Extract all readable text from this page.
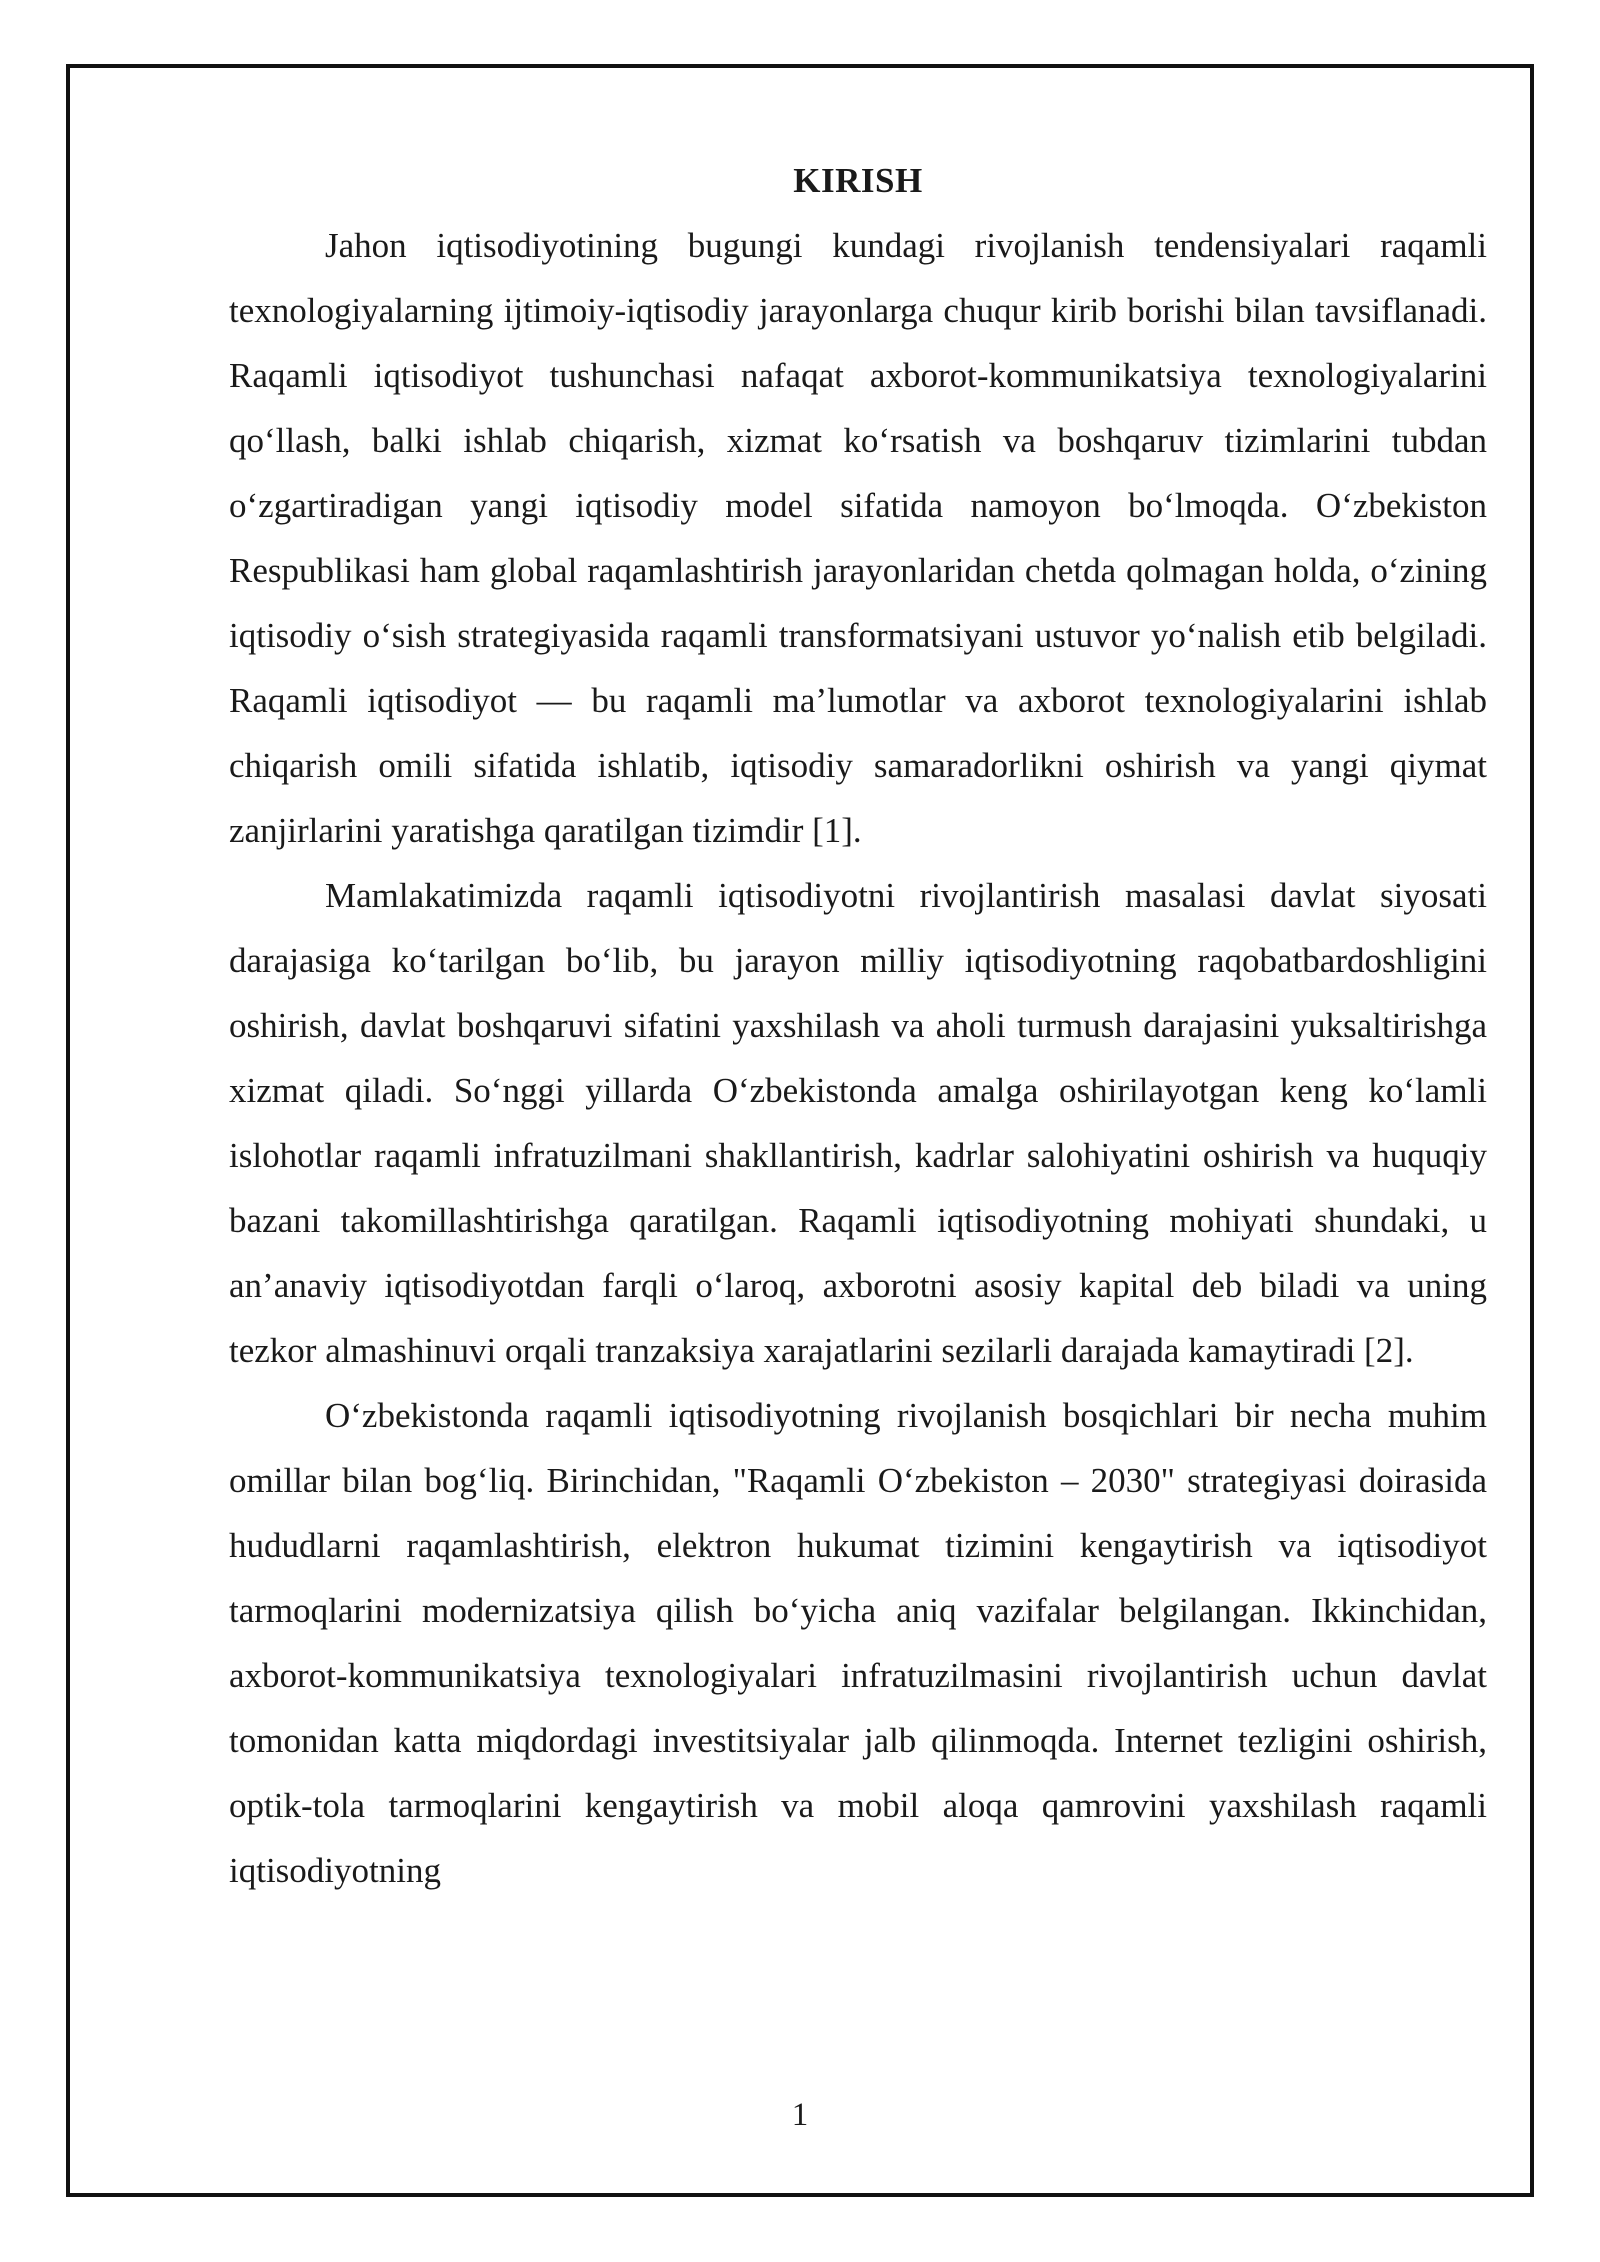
KIRISH

Jahon iqtisodiyotining bugungi kundagi rivojlanish tendensiyalari raqamli texnologiyalarning ijtimoiy-iqtisodiy jarayonlarga chuqur kirib borishi bilan tavsiflanadi. Raqamli iqtisodiyot tushunchasi nafaqat axborot-kommunikatsiya texnologiyalarini qo‘llash, balki ishlab chiqarish, xizmat ko‘rsatish va boshqaruv tizimlarini tubdan o‘zgartiradigan yangi iqtisodiy model sifatida namoyon bo‘lmoqda. O‘zbekiston Respublikasi ham global raqamlashtirish jarayonlaridan chetda qolmagan holda, o‘zining iqtisodiy o‘sish strategiyasida raqamli transformatsiyani ustuvor yo‘nalish etib belgiladi. Raqamli iqtisodiyot — bu raqamli ma’lumotlar va axborot texnologiyalarini ishlab chiqarish omili sifatida ishlatib, iqtisodiy samaradorlikni oshirish va yangi qiymat zanjirlarini yaratishga qaratilgan tizimdir [1].

Mamlakatimizda raqamli iqtisodiyotni rivojlantirish masalasi davlat siyosati darajasiga ko‘tarilgan bo‘lib, bu jarayon milliy iqtisodiyotning raqobatbardoshligini oshirish, davlat boshqaruvi sifatini yaxshilash va aholi turmush darajasini yuksaltirishga xizmat qiladi. So‘nggi yillarda O‘zbekistonda amalga oshirilayotgan keng ko‘lamli islohotlar raqamli infratuzilmani shakllantirish, kadrlar salohiyatini oshirish va huquqiy bazani takomillashtirishga qaratilgan. Raqamli iqtisodiyotning mohiyati shundaki, u an’anaviy iqtisodiyotdan farqli o‘laroq, axborotni asosiy kapital deb biladi va uning tezkor almashinuvi orqali tranzaksiya xarajatlarini sezilarli darajada kamaytiradi [2].

O‘zbekistonda raqamli iqtisodiyotning rivojlanish bosqichlari bir necha muhim omillar bilan bog‘liq. Birinchidan, "Raqamli O‘zbekiston – 2030" strategiyasi doirasida hududlarni raqamlashtirish, elektron hukumat tizimini kengaytirish va iqtisodiyot tarmoqlarini modernizatsiya qilish bo‘yicha aniq vazifalar belgilangan. Ikkinchidan, axborot-kommunikatsiya texnologiyalari infratuzilmasini rivojlantirish uchun davlat tomonidan katta miqdordagi investitsiyalar jalb qilinmoqda. Internet tezligini oshirish, optik-tola tarmoqlarini kengaytirish va mobil aloqa qamrovini yaxshilash raqamli iqtisodiyotning

1
